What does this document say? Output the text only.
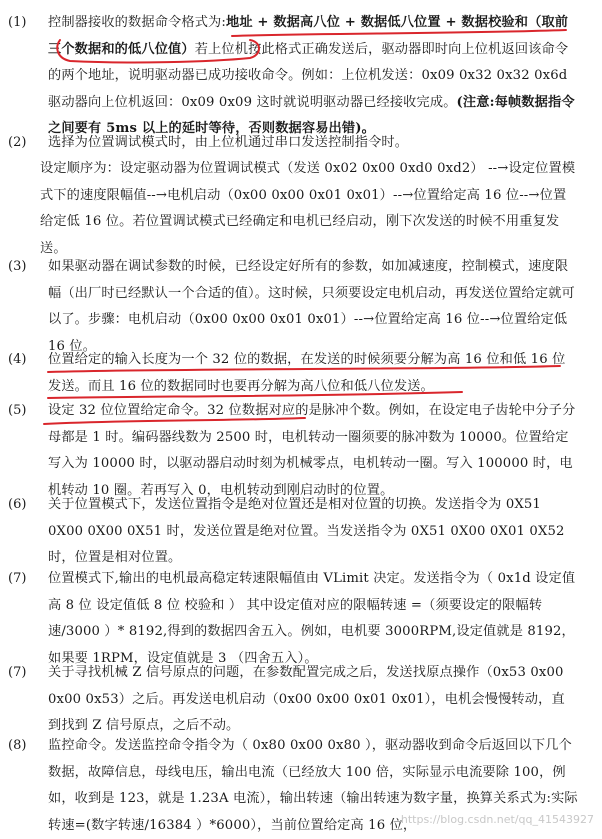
(1) 控制器接收的数据命令格式为:地址 + 数据高八位 + 数据低八位置 + 数据校验和（取前三个数据和的低八位值）若上位机按此格式正确发送后，驱动器即时向上位机返回该命令的两个地址，说明驱动器已成功接收命令。例如：上位机发送：0x09 0x32 0x32 0x6d 驱动器向上位机返回：0x09 0x09 这时就说明驱动器已经接收完成。(注意:每帧数据指令之间要有 5ms 以上的延时等待，否则数据容易出错)。
(2) 选择为位置调试模式时，由上位机通过串口发送控制指令时。
设定顺序为：设定驱动器为位置调试模式（发送 0x02 0x00 0xd0 0xd2） --→设定位置模式下的速度限幅值--→电机启动（0x00 0x00 0x01 0x01）--→位置给定高 16 位--→位置给定低 16 位。若位置调试模式已经确定和电机已经启动，刚下次发送的时候不用重复发送。
(3) 如果驱动器在调试参数的时候，已经设定好所有的参数，如加减速度，控制模式，速度限幅（出厂时已经默认一个合适的值）。这时候，只须要设定电机启动，再发送位置给定就可以了。步骤：电机启动（0x00 0x00 0x01 0x01）--→位置给定高 16 位--→位置给定低 16 位。
(4) 位置给定的输入长度为一个 32 位的数据，在发送的时候须要分解为高 16 位和低 16 位发送。而且 16 位的数据同时也要再分解为高八位和低八位发送。
(5) 设定 32 位位置给定命令。32 位数据对应的是脉冲个数。例如，在设定电子齿轮中分子分母都是 1 时。编码器线数为 2500 时，电机转动一圈须要的脉冲数为 10000。位置给定写入为 10000 时，以驱动器启动时刻为机械零点，电机转动一圈。写入 100000 时，电机转动 10 圈。若再写入 0，电机转动到刚启动时的位置。
(6) 关于位置模式下，发送位置指令是绝对位置还是相对位置的切换。发送指令为 0X51 0X00 0X00 0X51 时，发送位置是绝对位置。当发送指令为 0X51 0X00 0X01 0X52 时，位置是相对位置。
(7) 位置模式下,输出的电机最高稳定转速限幅值由 VLimit 决定。发送指令为（ 0x1d 设定值高 8 位 设定值低 8 位 校验和 ） 其中设定值对应的限幅转速 =（须要设定的限幅转速/3000 ）* 8192,得到的数据四舍五入。例如，电机要 3000RPM,设定值就是 8192，如果要 1RPM，设定值就是 3 （四舍五入）。
(7) 关于寻找机械 Z 信号原点的问题，在参数配置完成之后，发送找原点操作（0x53 0x00 0x00 0x53）之后。再发送电机启动（0x00 0x00 0x01 0x01），电机会慢慢转动，直到找到 Z 信号原点，之后不动。
(8) 监控命令。发送监控命令指令为（ 0x80 0x00 0x80 ），驱动器收到命令后返回以下几个数据，故障信息，母线电压，输出电流（已经放大 100 倍，实际显示电流要除 100，例如，收到是 123，就是 1.23A 电流），输出转速（输出转速为数字量，换算关系式为:实际转速=(数字转速/16384 ）*6000），当前位置给定高 16 位，
https://blog.csdn.net/qq_41543927
